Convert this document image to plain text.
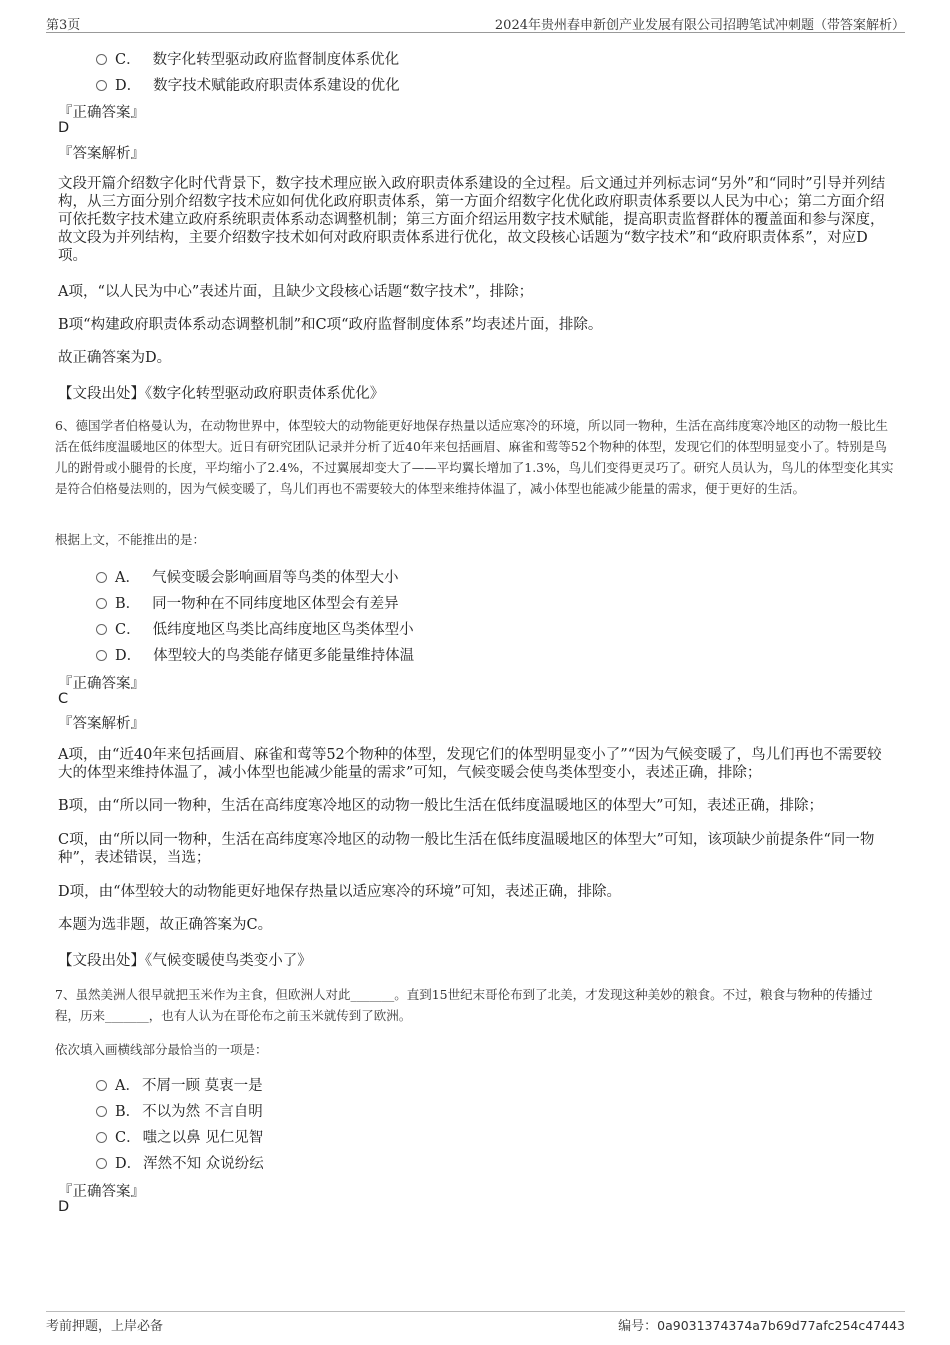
第3页	2024年贵州春申新创产业发展有限公司招聘笔试冲刺题（带答案解析）
C． 数字化转型驱动政府监督制度体系优化
D． 数字技术赋能政府职责体系建设的优化
『正确答案』
D
『答案解析』
文段开篇介绍数字化时代背景下，数字技术理应嵌入政府职责体系建设的全过程。后文通过并列标志词“另外”和“同时”引导并列结构，从三方面分别介绍数字技术应如何优化政府职责体系，第一方面介绍数字化优化政府职责体系要以人民为中心；第二方面介绍可依托数字技术建立政府系统职责体系动态调整机制；第三方面介绍运用数字技术赋能，提高职责监督群体的覆盖面和参与深度，故文段为并列结构，主要介绍数字技术如何对政府职责体系进行优化，故文段核心话题为“数字技术”和“政府职责体系”，对应D项。
A项，“以人民为中心”表述片面，且缺少文段核心话题“数字技术”，排除；
B项“构建政府职责体系动态调整机制”和C项“政府监督制度体系”均表述片面，排除。
故正确答案为D。
【文段出处】《数字化转型驱动政府职责体系优化》
6、德国学者伯格曼认为，在动物世界中，体型较大的动物能更好地保存热量以适应寒冷的环境，所以同一物种，生活在高纬度寒冷地区的动物一般比生活在低纬度温暖地区的体型大。近日有研究团队记录并分析了近40年来包括画眉、麻雀和莺等52个物种的体型，发现它们的体型明显变小了。特别是鸟儿的跗骨或小腿骨的长度，平均缩小了2.4%，不过翼展却变大了——平均翼长增加了1.3%，鸟儿们变得更灵巧了。研究人员认为，鸟儿的体型变化其实是符合伯格曼法则的，因为气候变暖了，鸟儿们再也不需要较大的体型来维持体温了，减小体型也能减少能量的需求，便于更好的生活。
根据上文，不能推出的是：
A． 气候变暖会影响画眉等鸟类的体型大小
B． 同一物种在不同纬度地区体型会有差异
C． 低纬度地区鸟类比高纬度地区鸟类体型小
D． 体型较大的鸟类能存储更多能量维持体温
『正确答案』
C
『答案解析』
A项，由“近40年来包括画眉、麻雀和莺等52个物种的体型，发现它们的体型明显变小了”“因为气候变暖了，鸟儿们再也不需要较大的体型来维持体温了，减小体型也能减少能量的需求”可知，气候变暖会使鸟类体型变小，表述正确，排除；
B项，由“所以同一物种，生活在高纬度寒冷地区的动物一般比生活在低纬度温暖地区的体型大”可知，表述正确，排除；
C项，由“所以同一物种，生活在高纬度寒冷地区的动物一般比生活在低纬度温暖地区的体型大”可知，该项缺少前提条件“同一物种”，表述错误，当选；
D项，由“体型较大的动物能更好地保存热量以适应寒冷的环境”可知，表述正确，排除。
本题为选非题，故正确答案为C。
【文段出处】《气候变暖使鸟类变小了》
7、虽然美洲人很早就把玉米作为主食，但欧洲人对此_______。直到15世纪末哥伦布到了北美，才发现这种美妙的粮食。不过，粮食与物种的传播过程，历来_______，也有人认为在哥伦布之前玉米就传到了欧洲。
依次填入画横线部分最恰当的一项是：
A． 不屑一顾 莫衷一是
B． 不以为然 不言自明
C． 嗤之以鼻 见仁见智
D． 浑然不知 众说纷纭
『正确答案』
D
考前押题，上岸必备	编号：0a9031374374a7b69d77afc254c47443
